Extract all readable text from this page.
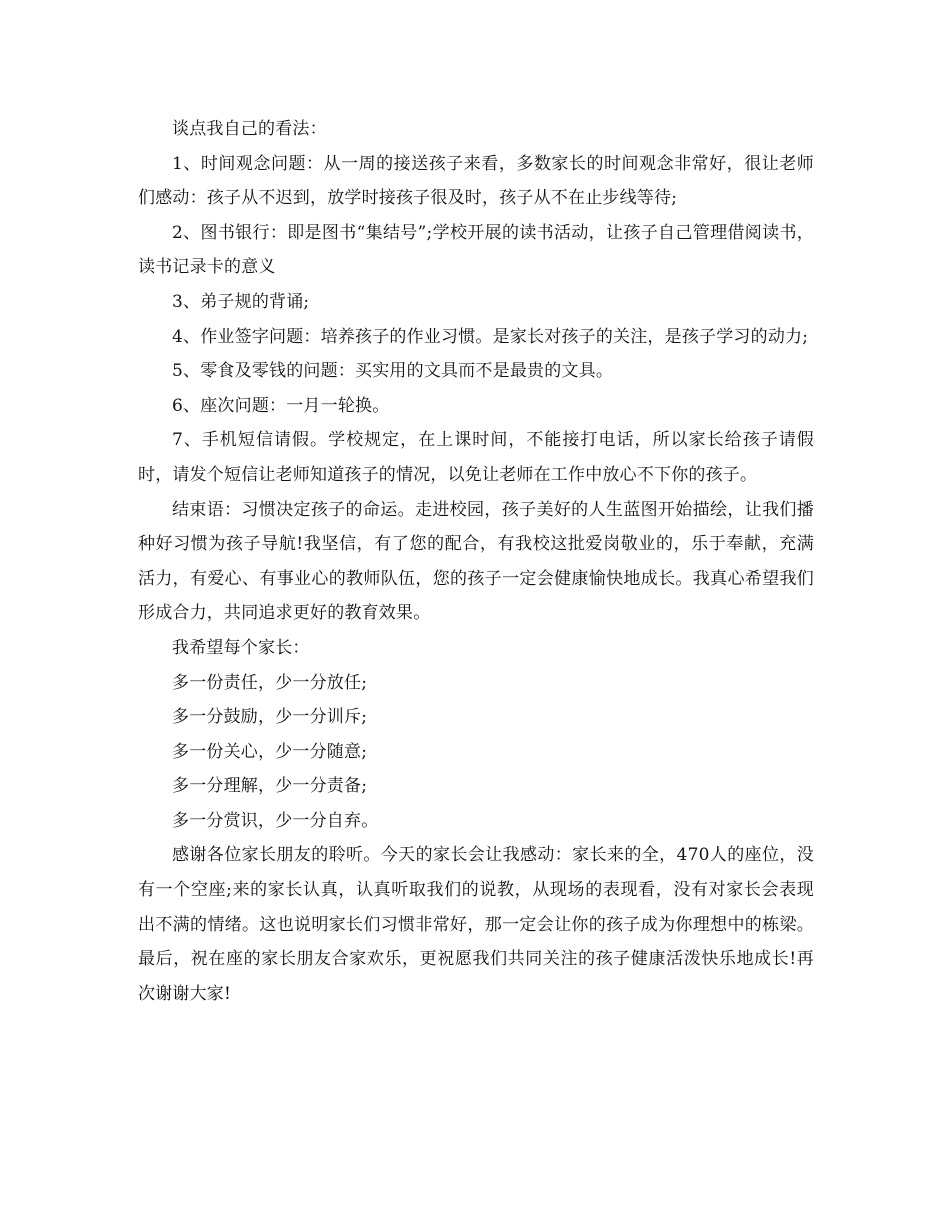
谈点我自己的看法：

1、时间观念问题：从一周的接送孩子来看，多数家长的时间观念非常好，很让老师们感动：孩子从不迟到，放学时接孩子很及时，孩子从不在止步线等待;

2、图书银行：即是图书“集结号”;学校开展的读书活动，让孩子自己管理借阅读书，读书记录卡的意义

3、弟子规的背诵;

4、作业签字问题：培养孩子的作业习惯。是家长对孩子的关注，是孩子学习的动力;

5、零食及零钱的问题：买实用的文具而不是最贵的文具。

6、座次问题：一月一轮换。

7、手机短信请假。学校规定，在上课时间，不能接打电话，所以家长给孩子请假时，请发个短信让老师知道孩子的情况，以免让老师在工作中放心不下你的孩子。

结束语：习惯决定孩子的命运。走进校园，孩子美好的人生蓝图开始描绘，让我们播种好习惯为孩子导航!我坚信，有了您的配合，有我校这批爱岗敬业的，乐于奉献，充满活力，有爱心、有事业心的教师队伍，您的孩子一定会健康愉快地成长。我真心希望我们形成合力，共同追求更好的教育效果。

我希望每个家长：

多一份责任，少一分放任;

多一分鼓励，少一分训斥;

多一份关心，少一分随意;

多一分理解，少一分责备;

多一分赏识，少一分自弃。

感谢各位家长朋友的聆听。今天的家长会让我感动：家长来的全，470人的座位，没有一个空座;来的家长认真，认真听取我们的说教，从现场的表现看，没有对家长会表现出不满的情绪。这也说明家长们习惯非常好，那一定会让你的孩子成为你理想中的栋梁。最后，祝在座的家长朋友合家欢乐，更祝愿我们共同关注的孩子健康活泼快乐地成长!再次谢谢大家!
